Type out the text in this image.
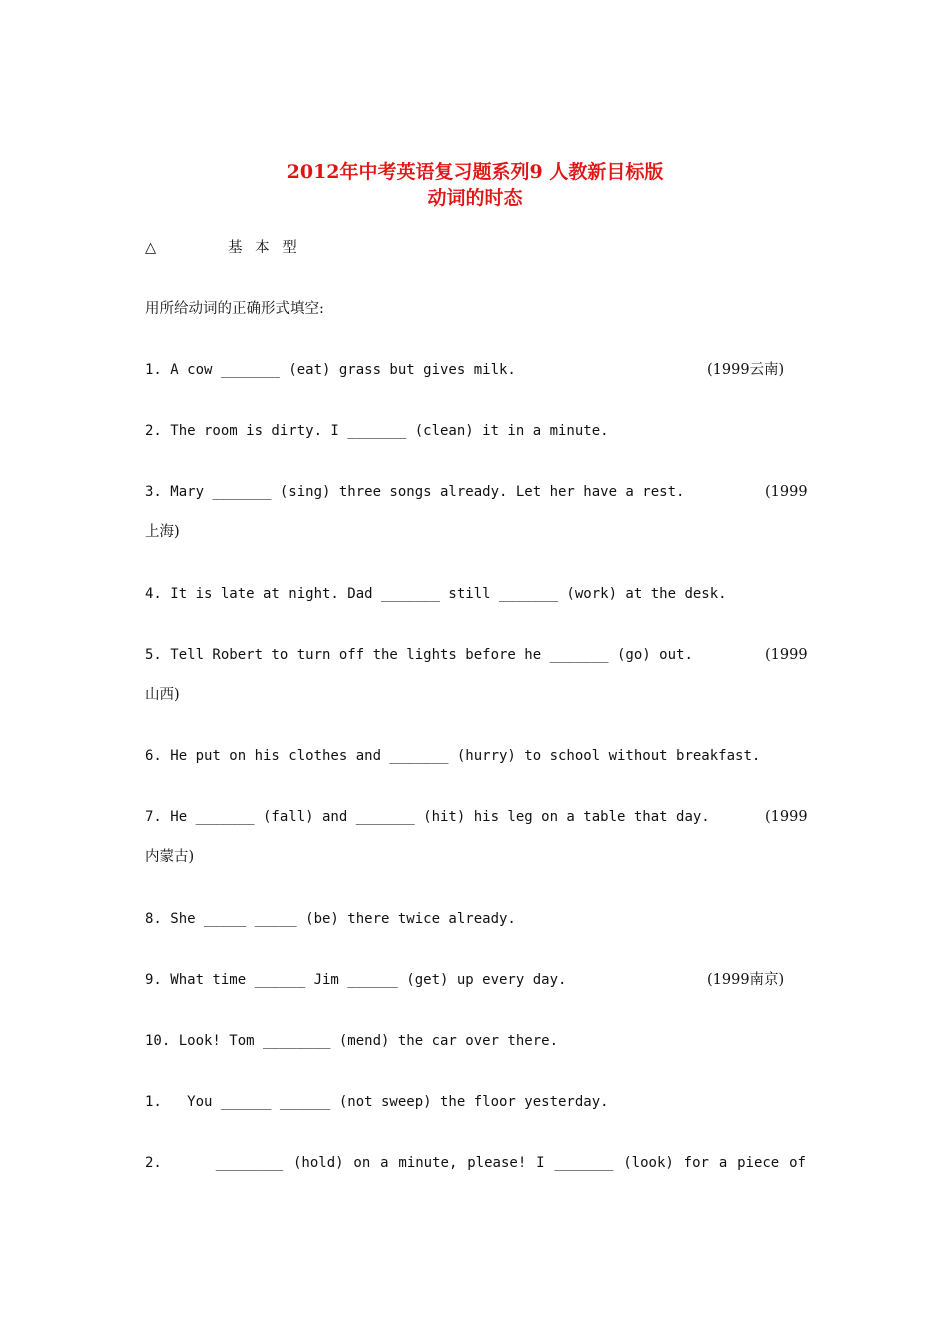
2012年中考英语复习题系列9 人教新目标版
动词的时态
△	基 本 型
用所给动词的正确形式填空:
1. A cow _______ (eat) grass but gives milk.	(1999云南)
2. The room is dirty. I _______ (clean) it in a minute.
3. Mary _______ (sing) three songs already. Let her have a rest.	(1999
上海)
4. It is late at night. Dad _______ still _______ (work) at the desk.
5. Tell Robert to turn off the lights before he _______ (go) out.	(1999
山西)
6. He put on his clothes and _______ (hurry) to school without breakfast.
7. He _______ (fall) and _______ (hit) his leg on a table that day.	(1999
内蒙古)
8. She _____ _____ (be) there twice already.
9. What time ______ Jim ______ (get) up every day.	(1999南京)
10. Look! Tom ________ (mend) the car over there.
1.   You ______ ______ (not sweep) the floor yesterday.
2.	________ (hold) on a minute, please! I _______ (look) for a piece of
